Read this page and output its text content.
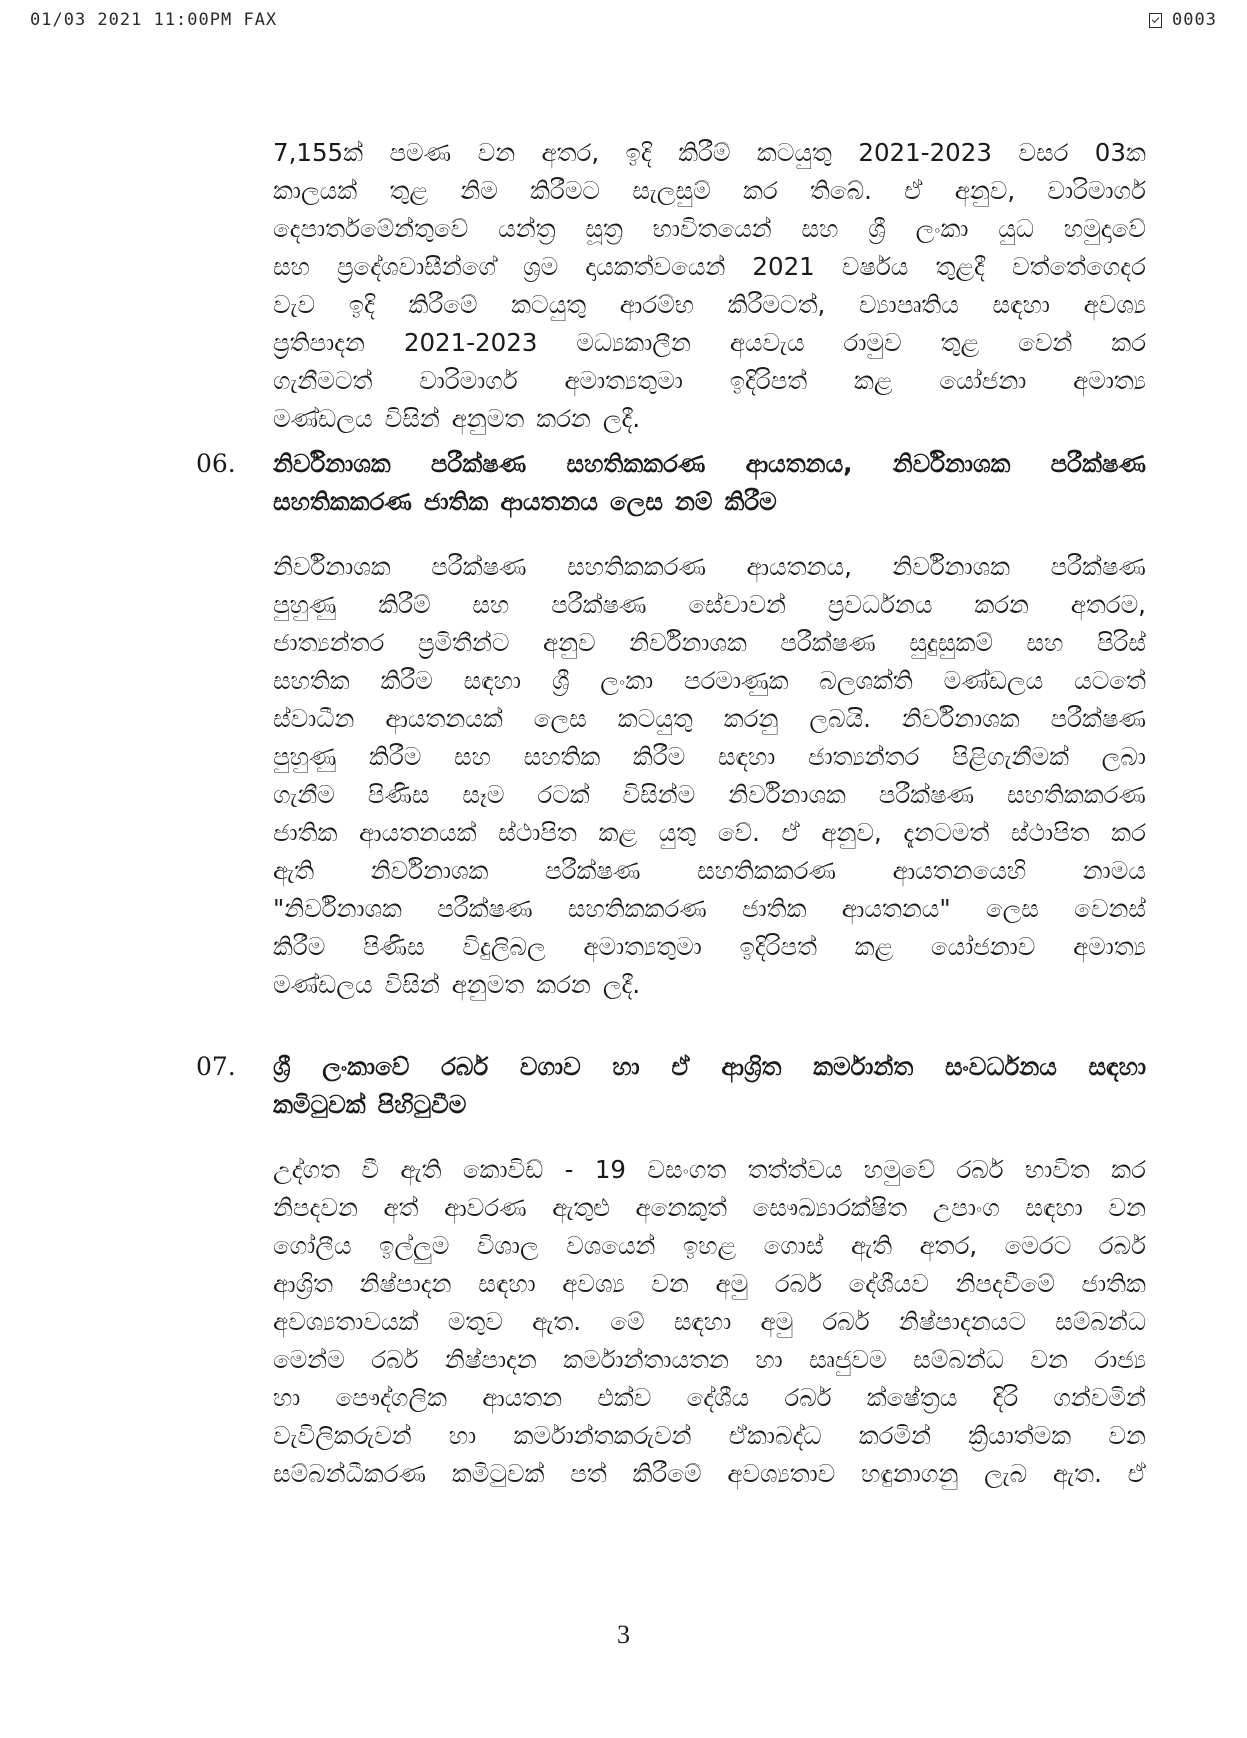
01/03 2021 11:00PM FAX	0003
7,155ක් පමණ වන අතර, ඉදි කිරීම් කටයුතු 2021-2023 වසර 03ක
කාලයක් තුළ නිම කිරීමට සැලසුම් කර තිබේ. ඒ අනුව, වාරිමාර්ග
දෙපාර්තමේන්තුවේ යන්ත්‍ර සූත්‍ර භාවිතයෙන් සහ ශ්‍රී ලංකා යුධ හමුදාවේ
සහ ප්‍රදේශවාසීන්ගේ ශ්‍රම දායකත්වයෙන් 2021 වර්ෂය තුළදී වත්තේගෙදර
වැව ඉදි කිරීමේ කටයුතු ආරම්භ කිරීමටත්, ව්‍යාපෘතිය සඳහා අවශ්‍ය
ප්‍රතිපාදන 2021-2023 මධ්‍යකාලීන අයවැය රාමුව තුළ වෙන් කර
ගැනීමටත් වාරිමාර්ග අමාත්‍යතුමා ඉදිරිපත් කළ යෝජනා අමාත්‍ය
මණ්ඩලය විසින් අනුමත කරන ලදී.
06. නිර්විනාශක පරීක්ෂණ සහතිකකරණ ආයතනය, නිර්විනාශක පරීක්ෂණ
සහතිකකරණ ජාතික ආයතනය ලෙස නම් කිරීම
නිර්විනාශක පරීක්ෂණ සහතිකකරණ ආයතනය, නිර්විනාශක පරීක්ෂණ
පුහුණු කිරීම් සහ පරීක්ෂණ සේවාවන් ප්‍රවර්ධනය කරන අතරම,
ජාත්‍යන්තර ප්‍රමිතීන්ට අනුව නිර්විනාශක පරීක්ෂණ සුදුසුකම් සහ පිරිස්
සහතික කිරීම සඳහා ශ්‍රී ලංකා පරමාණුක බලශක්ති මණ්ඩලය යටතේ
ස්වාධීන ආයතනයක් ලෙස කටයුතු කරනු ලබයි. නිර්විනාශක පරීක්ෂණ
පුහුණු කිරීම සහ සහතික කිරීම සඳහා ජාත්‍යන්තර පිළිගැනීමක් ලබා
ගැනීම පිණිස සෑම රටක් විසින්ම නිර්විනාශක පරීක්ෂණ සහතිකකරණ
ජාතික ආයතනයක් ස්ථාපිත කළ යුතු වේ. ඒ අනුව, දැනටමත් ස්ථාපිත කර
ඇති නිර්විනාශක පරීක්ෂණ සහතිකකරණ ආයතනයෙහි නාමය
"නිර්විනාශක පරීක්ෂණ සහතිකකරණ ජාතික ආයතනය" ලෙස වෙනස්
කිරීම පිණිස විදුලිබල අමාත්‍යතුමා ඉදිරිපත් කළ යෝජනාව අමාත්‍ය
මණ්ඩලය විසින් අනුමත කරන ලදී.
07. ශ්‍රී ලංකාවේ රබර් වගාව හා ඒ ආශ්‍රිත කර්මාන්ත සංවර්ධනය සඳහා
කමිටුවක් පිහිටුවීම
උද්ගත වී ඇති කොවිඩ් - 19 වසංගත තත්ත්වය හමුවේ රබර් භාවිත කර
නිපදවන අත් ආවරණ ඇතුළු අනෙකුත් සෞඛ්‍යාරක්ෂිත උපාංග සඳහා වන
ගෝලීය ඉල්ලුම විශාල වශයෙන් ඉහළ ගොස් ඇති අතර, මෙරට රබර්
ආශ්‍රිත නිෂ්පාදන සඳහා අවශ්‍ය වන අමු රබර් දේශීයව නිපදවීමේ ජාතික
අවශ්‍යතාවයක් මතුව ඇත. මේ සඳහා අමු රබර් නිෂ්පාදනයට සම්බන්ධ
මෙන්ම රබර් නිෂ්පාදන කර්මාන්තායතන හා සෘජුවම සම්බන්ධ වන රාජ්‍ය
හා පෞද්ගලික ආයතන එක්ව දේශීය රබර් ක්ෂේත්‍රය දිරි ගන්වමින්
වැවිලිකරුවන් හා කර්මාන්තකරුවන් ඒකාබද්ධ කරමින් ක්‍රියාත්මක වන
සම්බන්ධීකරණ කමිටුවක් පත් කිරීමේ අවශ්‍යතාව හඳුනාගනු ලැබ ඇත. ඒ
3
